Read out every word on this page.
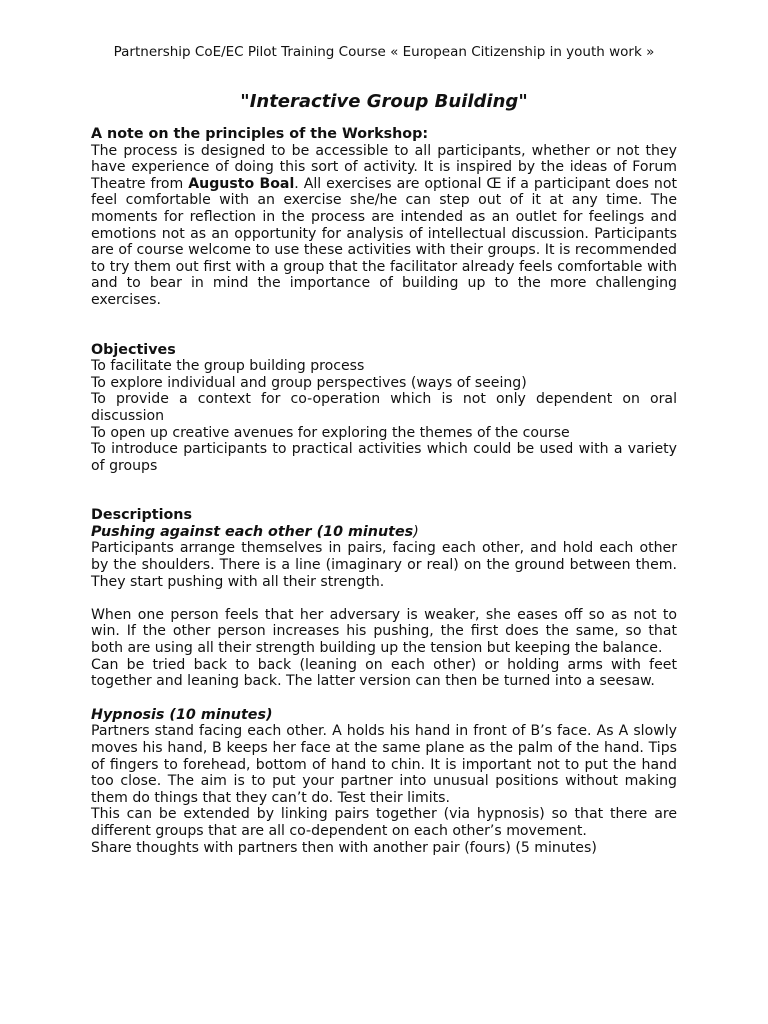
Partnership CoE/EC Pilot Training Course « European Citizenship in youth work »
"Interactive Group Building"

A note on the principles of the Workshop:

The process is designed to be accessible to all participants, whether or not they have experience of doing this sort of activity. It is inspired by the ideas of Forum Theatre from Augusto Boal. All exercises are optional Œ if a participant does not feel comfortable with an exercise she/he can step out of it at any time. The moments for reflection in the process are intended as an outlet for feelings and emotions not as an opportunity for analysis of intellectual discussion. Participants are of course welcome to use these activities with their groups. It is recommended to try them out first with a group that the facilitator already feels comfortable with and to bear in mind the importance of building up to the more challenging exercises.

Objectives

To facilitate the group building process
To explore individual and group perspectives (ways of seeing)
To provide a context for co-operation which is not only dependent on oral discussion
To open up creative avenues for exploring the themes of the course
To introduce participants to practical activities which could be used with a variety of groups

Descriptions

Pushing against each other (10 minutes)

Participants arrange themselves in pairs, facing each other, and hold each other by the shoulders. There is a line (imaginary or real) on the ground between them. They start pushing with all their strength.

When one person feels that her adversary is weaker, she eases off so as not to win. If the other person increases his pushing, the first does the same, so that both are using all their strength building up the tension but keeping the balance.

Can be tried back to back (leaning on each other) or holding arms with feet together and leaning back. The latter version can then be turned into a seesaw.

Hypnosis (10 minutes)

Partners stand facing each other. A holds his hand in front of B’s face. As A slowly moves his hand, B keeps her face at the same plane as the palm of the hand. Tips of fingers to forehead, bottom of hand to chin. It is important not to put the hand too close. The aim is to put your partner into unusual positions without making them do things that they can’t do. Test their limits.

This can be extended by linking pairs together (via hypnosis) so that there are different groups that are all co-dependent on each other’s movement.

Share thoughts with partners then with another pair (fours) (5 minutes)
